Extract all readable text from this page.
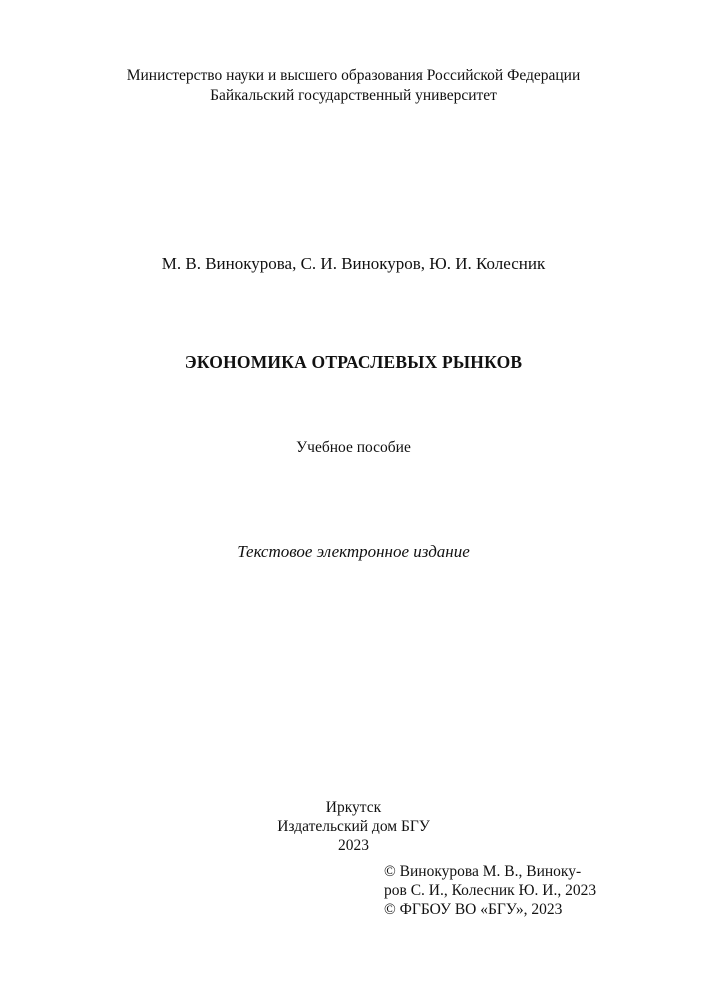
Министерство науки и высшего образования Российской Федерации
Байкальский государственный университет
М. В. Винокурова, С. И. Винокуров, Ю. И. Колесник
ЭКОНОМИКА ОТРАСЛЕВЫХ РЫНКОВ
Учебное пособие
Текстовое электронное издание
Иркутск
Издательский дом БГУ
2023
© Винокурова М. В., Виноку-
ров С. И., Колесник Ю. И., 2023
© ФГБОУ ВО «БГУ», 2023
